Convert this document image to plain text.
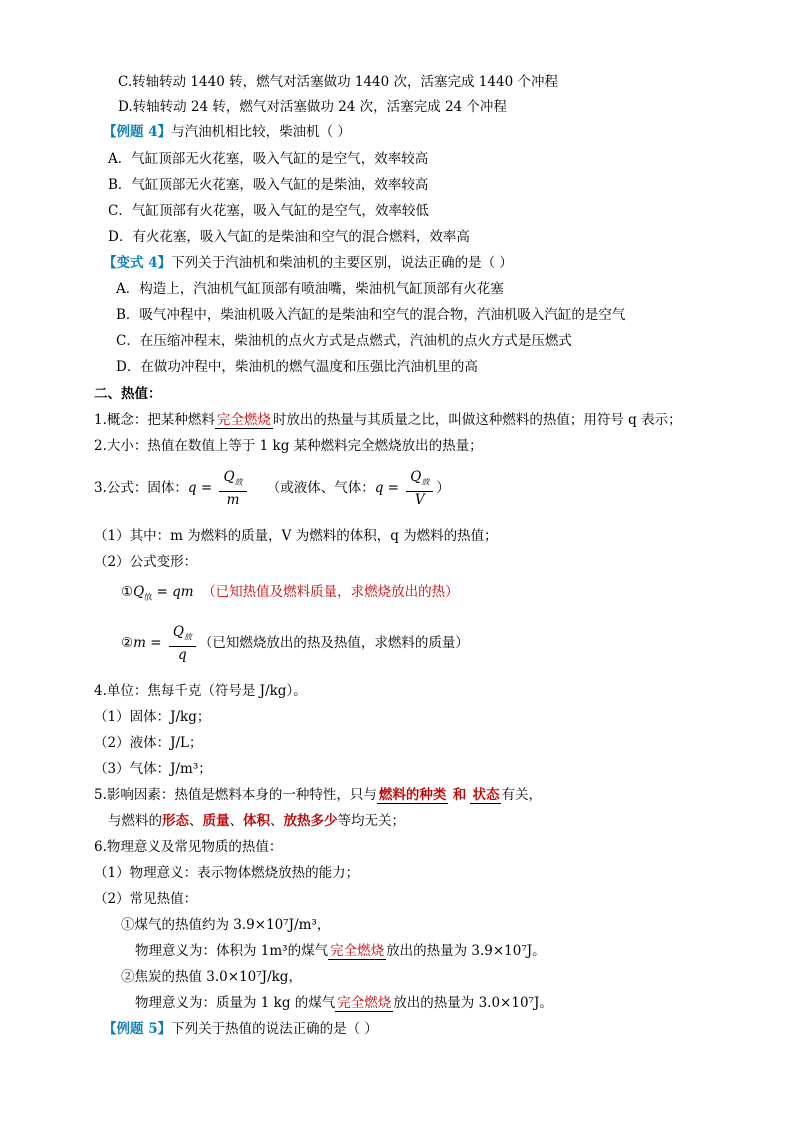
C.转轴转动 1440 转，燃气对活塞做功 1440 次，活塞完成 1440 个冲程
D.转轴转动 24 转，燃气对活塞做功 24 次，活塞完成 24 个冲程
【例题 4】与汽油机相比较，柴油机（ ）
A．气缸顶部无火花塞，吸入气缸的是空气，效率较高
B．气缸顶部无火花塞，吸入气缸的是柴油，效率较高
C．气缸顶部有火花塞，吸入气缸的是空气，效率较低
D．有火花塞，吸入气缸的是柴油和空气的混合燃料，效率高
【变式 4】下列关于汽油机和柴油机的主要区别，说法正确的是（ ）
A．构造上，汽油机气缸顶部有喷油嘴，柴油机气缸顶部有火花塞
B．吸气冲程中，柴油机吸入汽缸的是柴油和空气的混合物，汽油机吸入汽缸的是空气
C．在压缩冲程末，柴油机的点火方式是点燃式，汽油机的点火方式是压燃式
D．在做功冲程中，柴油机的燃气温度和压强比汽油机里的高
二、热值：
1.概念：把某种燃料 完全燃烧 时放出的热量与其质量之比，叫做这种燃料的热值；用符号 q 表示；
2.大小：热值在数值上等于 1 kg 某种燃料完全燃烧放出的热量；
3.公式：固体：$q = \frac{Q_放}{m}$ （或液体、气体：$q = \frac{Q_放}{V}$ ）
（1）其中：m 为燃料的质量，V 为燃料的体积，q 为燃料的热值；
（2）公式变形：
$①Q_放$ = qm （已知热值及燃料质量，求燃烧放出的热）
②m = $\frac{Q_放}{q}$ （已知燃烧放出的热及热值，求燃料的质量）
4.单位：焦每千克（符号是 J/kg）。
（1）固体：J/kg；
（2）液体：J/L；
（3）气体：J/m³；
5.影响因素：热值是燃料本身的一种特性，只与 燃料的种类 和 状态 有关，
与燃料的形态、质量、体积、放热多少等均无关；
6.物理意义及常见物质的热值：
（1）物理意义：表示物体燃烧放热的能力；
（2）常见热值：
①煤气的热值约为 3.9×10⁷J/m³，
物理意义为：体积为 1m³的煤气 完全燃烧 放出的热量为 3.9×10⁷J。
②焦炭的热值 3.0×10⁷J/kg，
物理意义为：质量为 1 kg 的煤气 完全燃烧 放出的热量为 3.0×10⁷J。
【例题 5】下列关于热值的说法正确的是（ ）
